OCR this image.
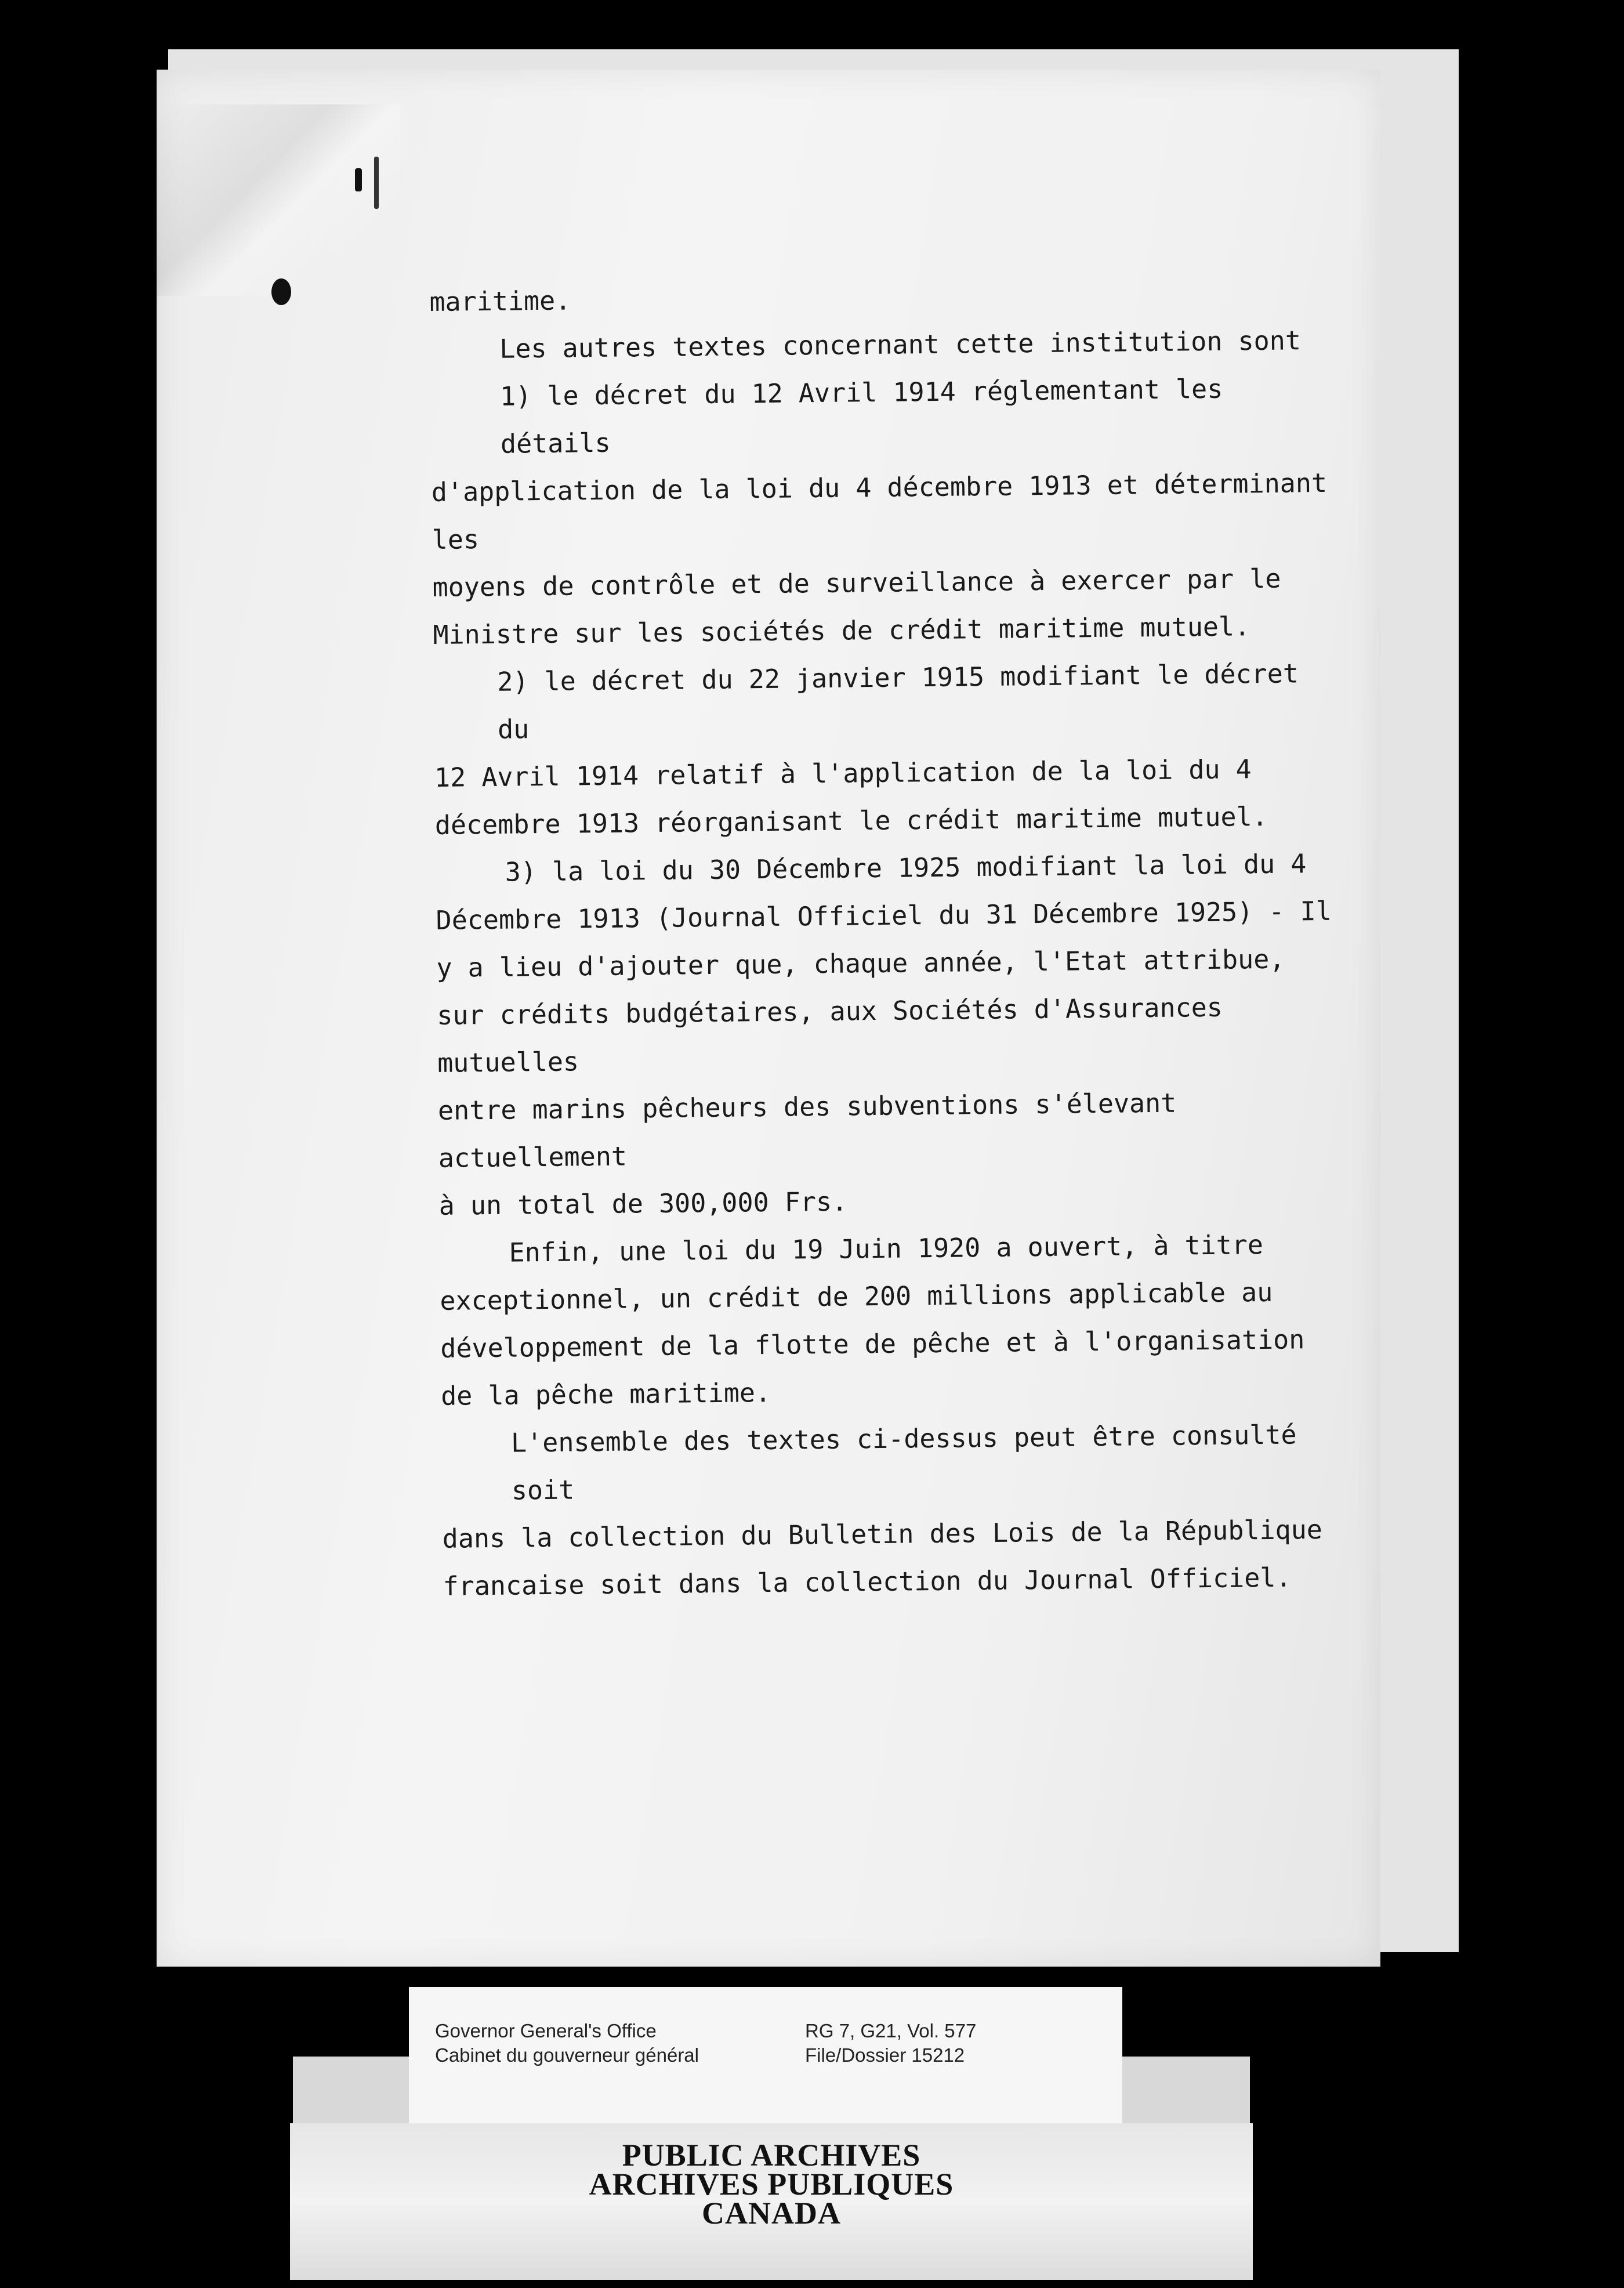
maritime.
Les autres textes concernant cette institution sont
1) le décret du 12 Avril 1914 réglementant les détails
d'application de la loi du 4 décembre 1913 et déterminant les
moyens de contrôle et de surveillance à exercer par le
Ministre sur les sociétés de crédit maritime mutuel.
2) le décret du 22 janvier 1915 modifiant le décret du
12 Avril 1914 relatif à l'application de la loi du 4
décembre 1913 réorganisant le crédit maritime mutuel.
3) la loi du 30 Décembre 1925 modifiant la loi du 4
Décembre 1913 (Journal Officiel du 31 Décembre 1925) - Il
y a lieu d'ajouter que, chaque année, l'Etat attribue,
sur crédits budgétaires, aux Sociétés d'Assurances mutuelles
entre marins pêcheurs des subventions s'élevant actuellement
à un total de 300,000 Frs.
Enfin, une loi du 19 Juin 1920 a ouvert, à titre
exceptionnel, un crédit de 200 millions applicable au
développement de la flotte de pêche et à l'organisation
de la pêche maritime.
L'ensemble des textes ci-dessus peut être consulté soit
dans la collection du Bulletin des Lois de la République
francaise soit dans la collection du Journal Officiel.
Governor General's Office
Cabinet du gouverneur général
RG 7, G21, Vol. 577
File/Dossier 15212
PUBLIC ARCHIVES
ARCHIVES PUBLIQUES
CANADA
